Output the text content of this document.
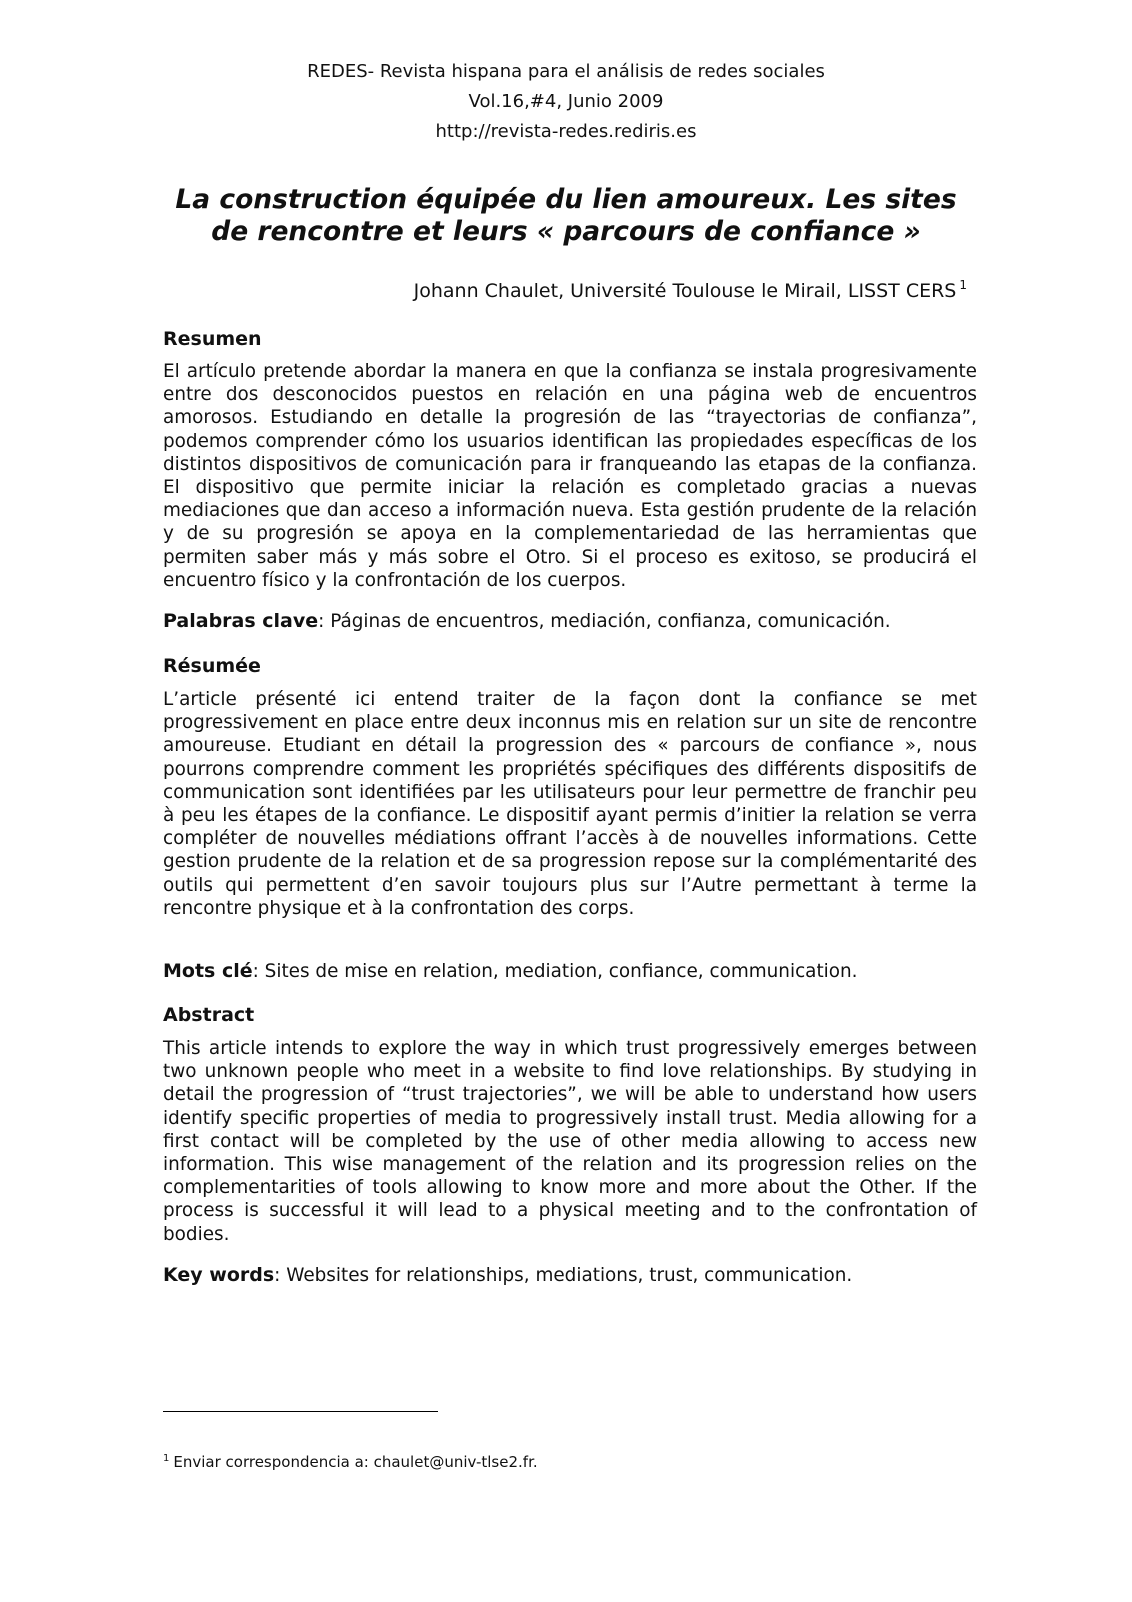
REDES- Revista hispana para el análisis de redes sociales
Vol.16,#4, Junio 2009
http://revista-redes.rediris.es
La construction équipée du lien amoureux. Les sites
de rencontre et leurs « parcours de confiance »
Johann Chaulet, Université Toulouse le Mirail, LISST CERS $^1$
Resumen

El artículo pretende abordar la manera en que la confianza se instala progresivamente entre dos desconocidos puestos en relación en una página web de encuentros amorosos. Estudiando en detalle la progresión de las “trayectorias de confianza”, podemos comprender cómo los usuarios identifican las propiedades específicas de los distintos dispositivos de comunicación para ir franqueando las etapas de la confianza. El dispositivo que permite iniciar la relación es completado gracias a nuevas mediaciones que dan acceso a información nueva. Esta gestión prudente de la relación y de su progresión se apoya en la complementariedad de las herramientas que permiten saber más y más sobre el Otro. Si el proceso es exitoso, se producirá el encuentro físico y la confrontación de los cuerpos.

Palabras clave: Páginas de encuentros, mediación, confianza, comunicación.
Résumée

L’article présenté ici entend traiter de la façon dont la confiance se met progressivement en place entre deux inconnus mis en relation sur un site de rencontre amoureuse. Etudiant en détail la progression des « parcours de confiance », nous pourrons comprendre comment les propriétés spécifiques des différents dispositifs de communication sont identifiées par les utilisateurs pour leur permettre de franchir peu à peu les étapes de la confiance. Le dispositif ayant permis d’initier la relation se verra compléter de nouvelles médiations offrant l’accès à de nouvelles informations. Cette gestion prudente de la relation et de sa progression repose sur la complémentarité des outils qui permettent d’en savoir toujours plus sur l’Autre permettant à terme la rencontre physique et à la confrontation des corps.

Mots clé: Sites de mise en relation, mediation, confiance, communication.
Abstract

This article intends to explore the way in which trust progressively emerges between two unknown people who meet in a website to find love relationships. By studying in detail the progression of “trust trajectories”, we will be able to understand how users identify specific properties of media to progressively install trust. Media allowing for a first contact will be completed by the use of other media allowing to access new information. This wise management of the relation and its progression relies on the complementarities of tools allowing to know more and more about the Other. If the process is successful it will lead to a physical meeting and to the confrontation of bodies.

Key words: Websites for relationships, mediations, trust, communication.
$^1$ Enviar correspondencia a: chaulet@univ-tlse2.fr.
